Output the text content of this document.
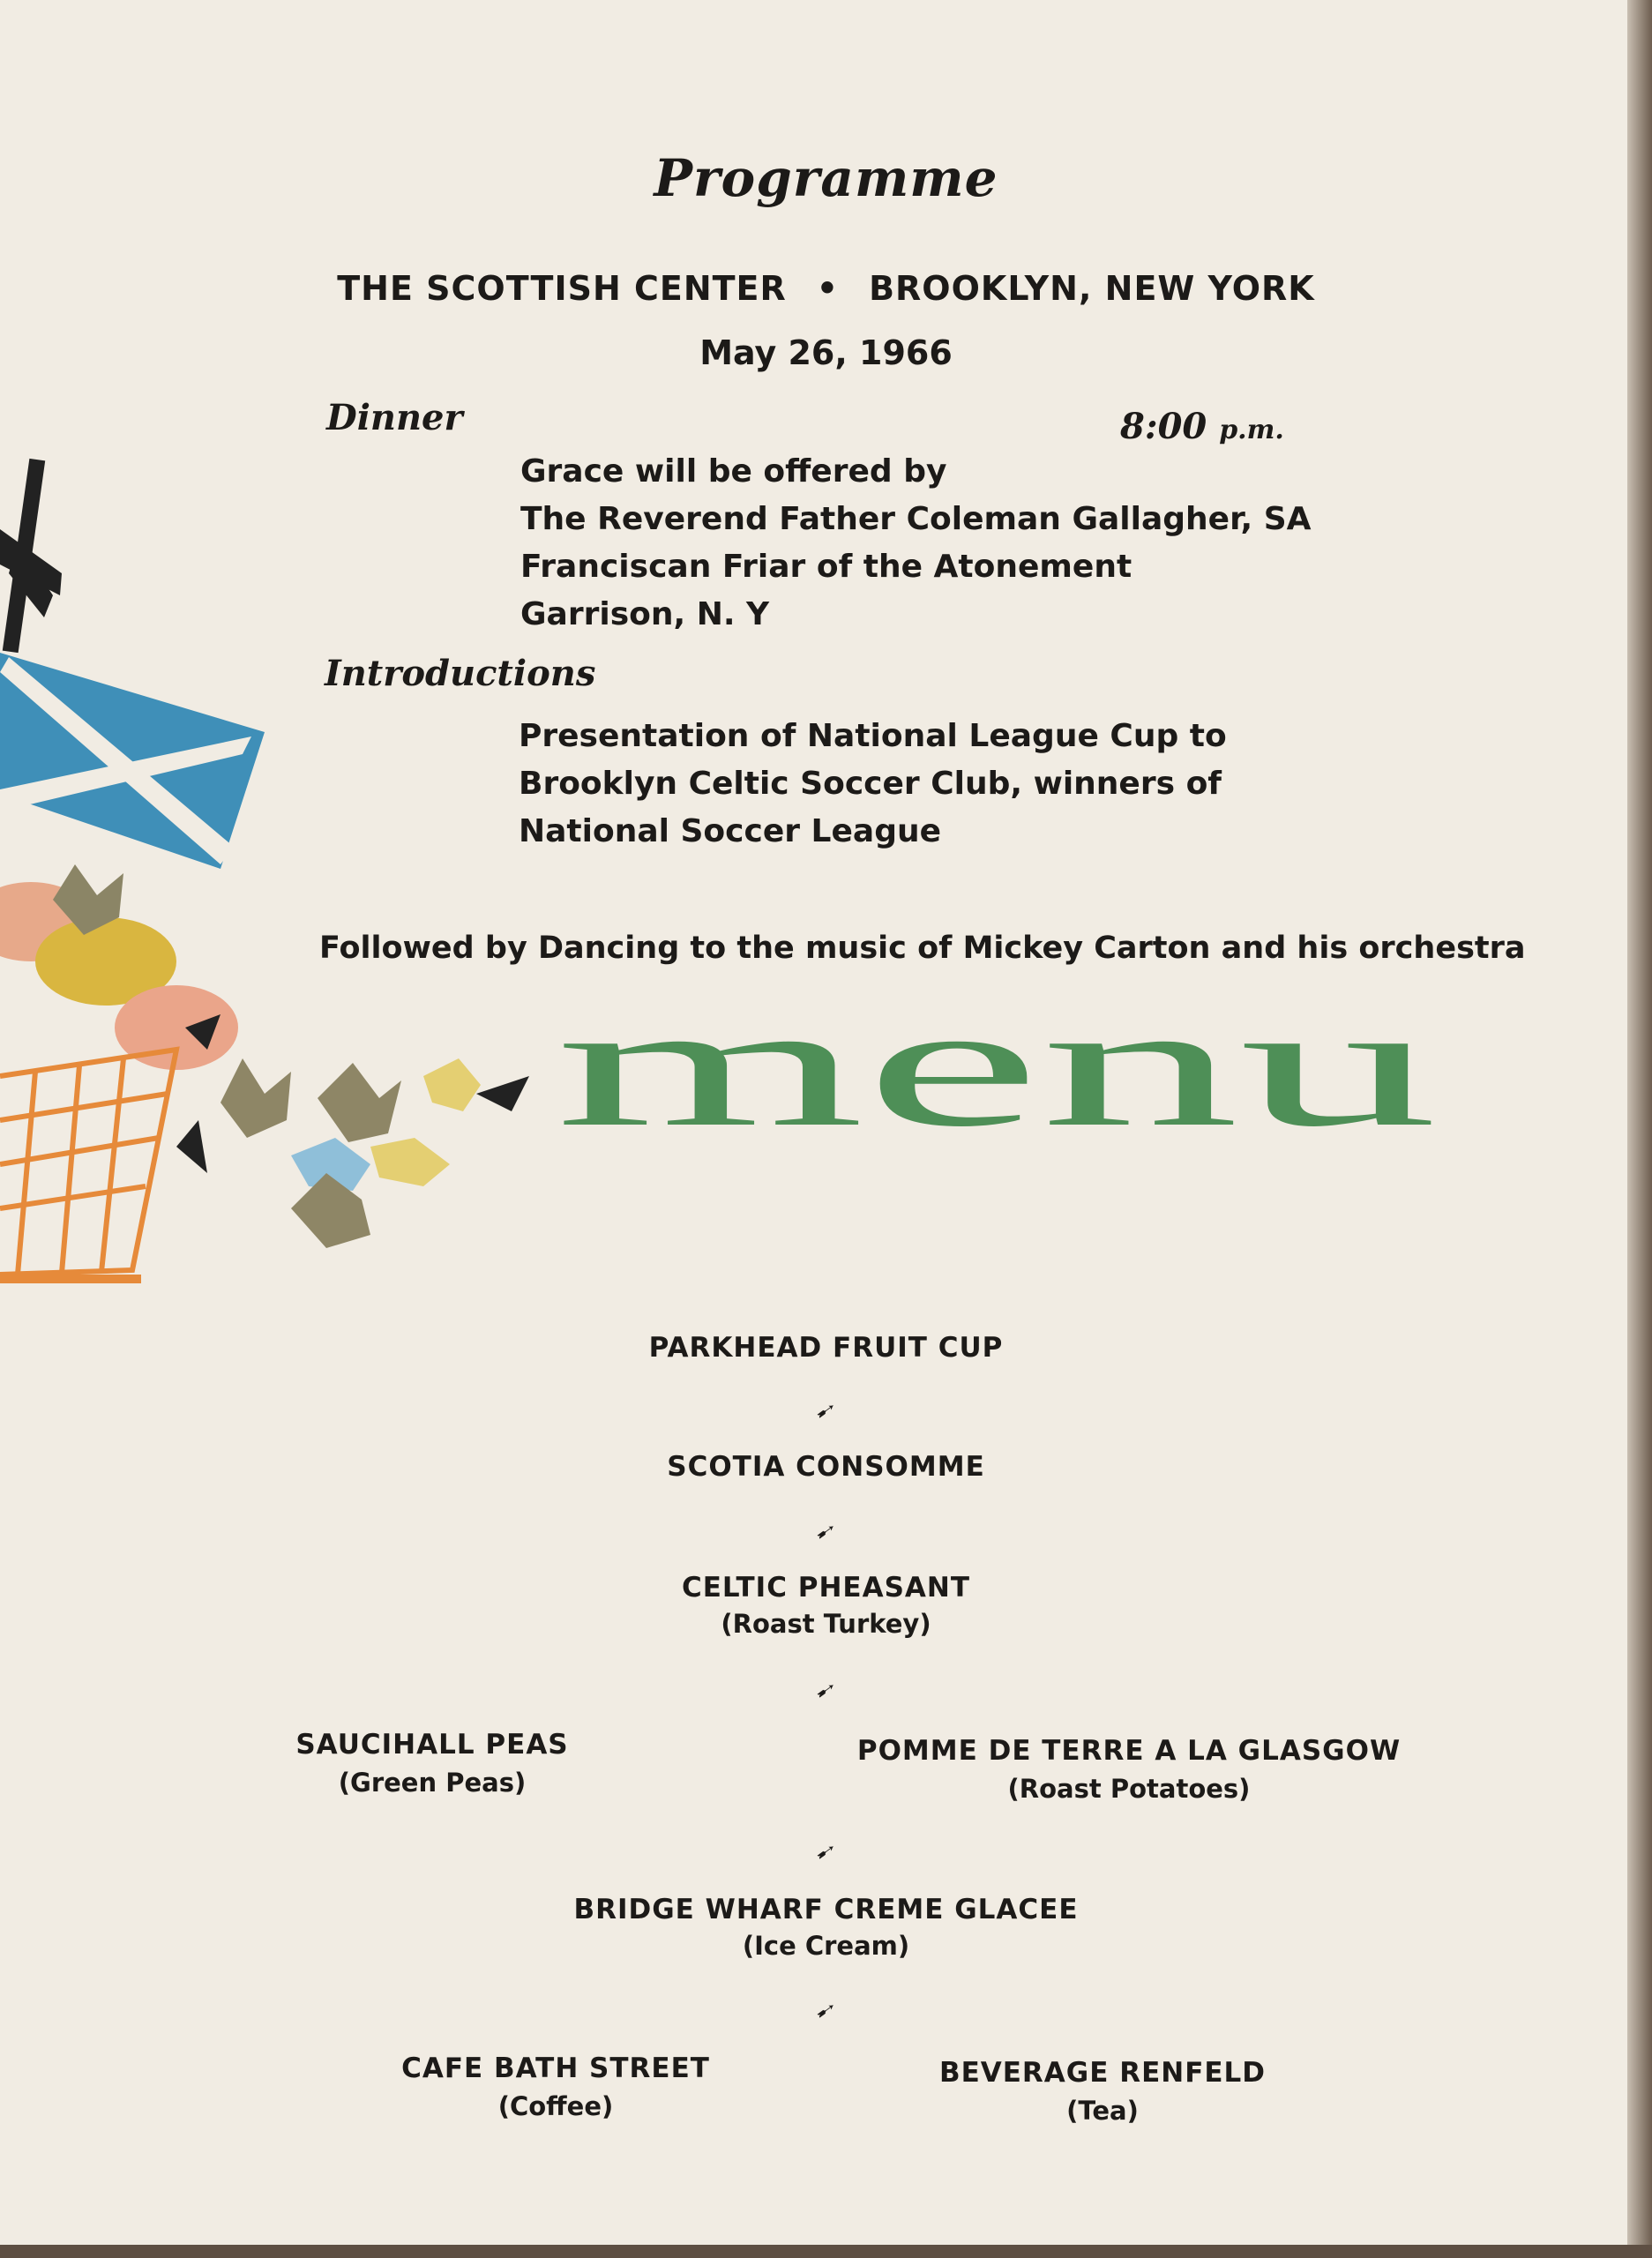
Programme
THE SCOTTISH CENTER • BROOKLYN, NEW YORK
May 26, 1966
Dinner	8:00 p.m.
Grace will be offered by
The Reverend Father Coleman Gallagher, SA
Franciscan Friar of the Atonement
Garrison, N. Y
Introductions
Presentation of National League Cup to
Brooklyn Celtic Soccer Club, winners of
National Soccer League
Followed by Dancing to the music of Mickey Carton and his orchestra
menu
PARKHEAD FRUIT CUP
➹
SCOTIA CONSOMME
➹
CELTIC PHEASANT
(Roast Turkey)
➹
SAUCIHALL PEAS
(Green Peas)
POMME DE TERRE A LA GLASGOW
(Roast Potatoes)
➹
BRIDGE WHARF CREME GLACEE
(Ice Cream)
➹
CAFE BATH STREET
(Coffee)
BEVERAGE RENFELD
(Tea)
